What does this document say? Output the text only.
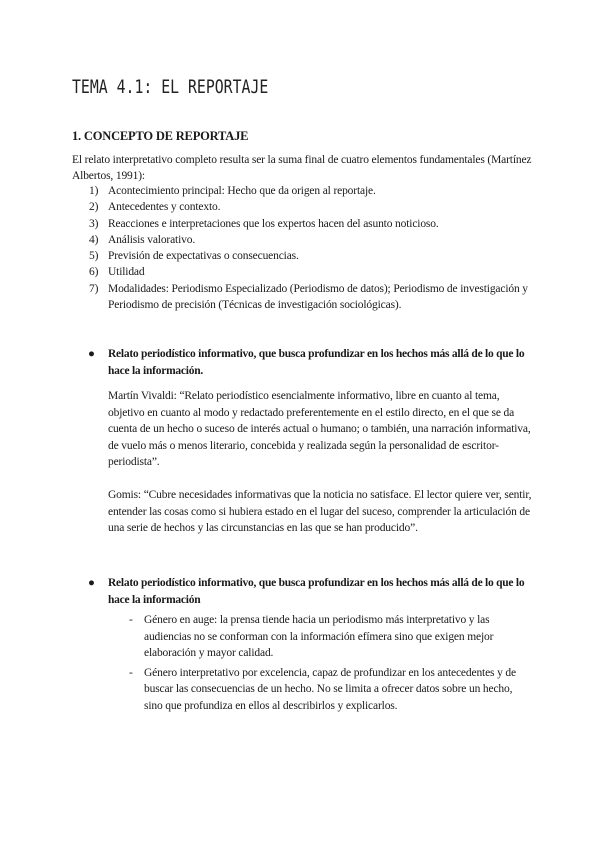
TEMA 4.1: EL REPORTAJE
1. CONCEPTO DE REPORTAJE

El relato interpretativo completo resulta ser la suma final de cuatro elementos fundamentales (Martínez Albertos, 1991):

1) Acontecimiento principal: Hecho que da origen al reportaje.
2) Antecedentes y contexto.
3) Reacciones e interpretaciones que los expertos hacen del asunto noticioso.
4) Análisis valorativo.
5) Previsión de expectativas o consecuencias.
6) Utilidad
7) Modalidades: Periodismo Especializado (Periodismo de datos); Periodismo de investigación y Periodismo de precisión (Técnicas de investigación sociológicas).

● Relato periodístico informativo, que busca profundizar en los hechos más allá de lo que lo hace la información.

Martín Vivaldi: “Relato periodístico esencialmente informativo, libre en cuanto al tema, objetivo en cuanto al modo y redactado preferentemente en el estilo directo, en el que se da cuenta de un hecho o suceso de interés actual o humano; o también, una narración informativa, de vuelo más o menos literario, concebida y realizada según la personalidad de escritor- periodista”.

Gomis: “Cubre necesidades informativas que la noticia no satisface. El lector quiere ver, sentir, entender las cosas como si hubiera estado en el lugar del suceso, comprender la articulación de una serie de hechos y las circunstancias en las que se han producido”.

● Relato periodístico informativo, que busca profundizar en los hechos más allá de lo que lo hace la información

- Género en auge: la prensa tiende hacia un periodismo más interpretativo y las audiencias no se conforman con la información efímera sino que exigen mejor elaboración y mayor calidad.
- Género interpretativo por excelencia, capaz de profundizar en los antecedentes y de buscar las consecuencias de un hecho. No se limita a ofrecer datos sobre un hecho, sino que profundiza en ellos al describirlos y explicarlos.
